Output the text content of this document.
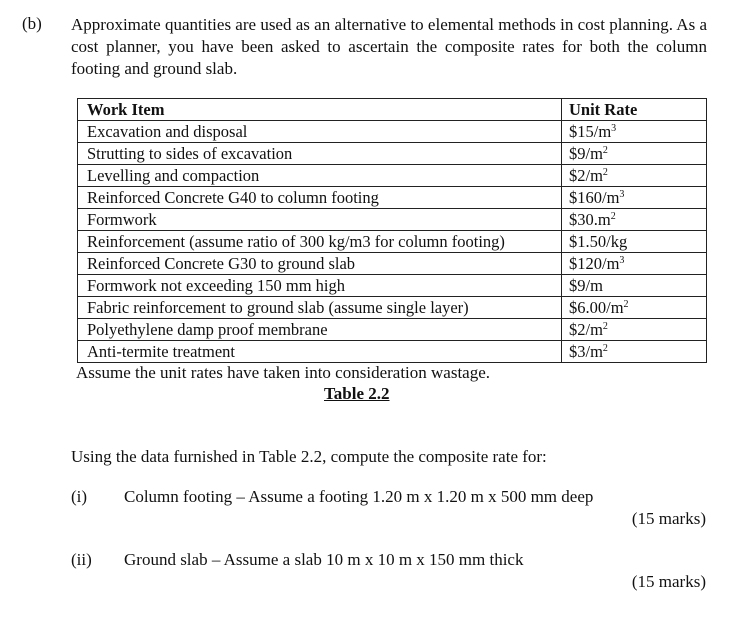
(b) Approximate quantities are used as an alternative to elemental methods in cost planning. As a cost planner, you have been asked to ascertain the composite rates for both the column footing and ground slab.
Work Item	Unit Rate
Excavation and disposal	$\$15/m^3$
Strutting to sides of excavation	$\$9/m^2$
Levelling and compaction	$\$2/m^2$
Reinforced Concrete G40 to column footing	$\$160/m^3$
Formwork	$\$30.m^2$
Reinforcement (assume ratio of 300 kg/m3 for column footing)	$1.50/kg
Reinforced Concrete G30 to ground slab	$\$120/m^3$
Formwork not exceeding 150 mm high	$9/m
Fabric reinforcement to ground slab (assume single layer)	$\$6.00/m^2$
Polyethylene damp proof membrane	$\$2/m^2$
Anti-termite treatment	$\$3/m^2$
Assume the unit rates have taken into consideration wastage.
Table 2.2
Using the data furnished in Table 2.2, compute the composite rate for:
(i) Column footing – Assume a footing 1.20 m x 1.20 m x 500 mm deep
(15 marks)
(ii) Ground slab – Assume a slab 10 m x 10 m x 150 mm thick
(15 marks)
